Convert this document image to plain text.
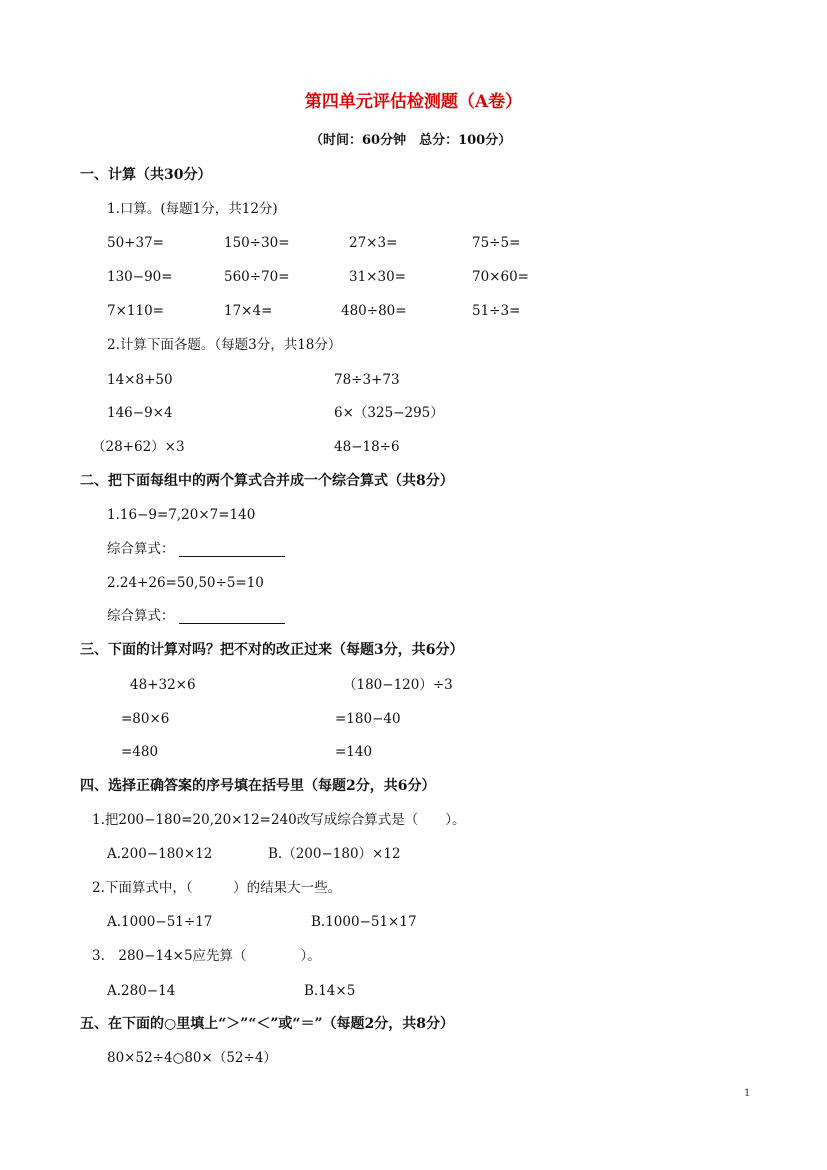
第四单元评估检测题（A卷）
（时间：60分钟　总分：100分）
一、计算（共30分）
1.口算。(每题1分，共12分)
50+37=	150÷30=	27×3=	75÷5=
130−90=	560÷70=	31×30=	70×60=
7×110=	17×4=	480÷80=	51÷3=
2.计算下面各题。（每题3分，共18分）
14×8+50	78÷3+73
146−9×4	6×（325−295）
（28+62）×3	48−18÷6
二、把下面每组中的两个算式合并成一个综合算式（共8分）
1.16−9=7,20×7=140
综合算式：
2.24+26=50,50÷5=10
综合算式：
三、下面的计算对吗？把不对的改正过来（每题3分，共6分）
48+32×6
=80×6
=480
（180−120）÷3
=180−40
=140
四、选择正确答案的序号填在括号里（每题2分，共6分）
1.把200−180=20,20×12=240改写成综合算式是（　　）。
A.200−180×12	B.（200−180）×12
2.下面算式中，（　　　）的结果大一些。
A.1000−51÷17	B.1000−51×17
3.　280−14×5应先算（　　　　）。
A.280−14	B.14×5
五、在下面的○里填上“＞”“＜”或“＝”（每题2分，共8分）
80×52÷4○80×（52÷4）
1
